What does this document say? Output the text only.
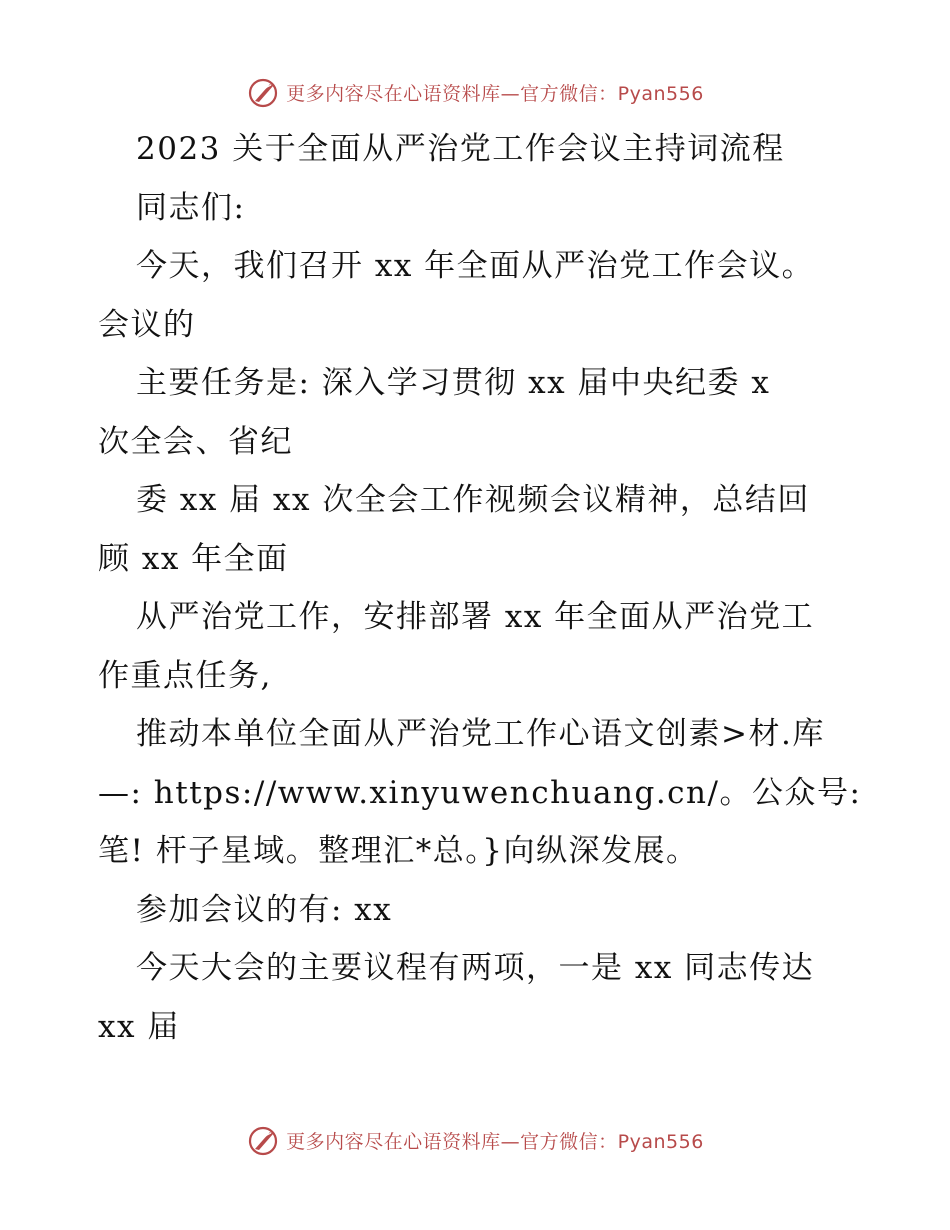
更多内容尽在心语资料库—官方微信：Pyan556
2023 关于全面从严治党工作会议主持词流程
同志们:
今天，我们召开 xx 年全面从严治党工作会议。
会议的
主要任务是: 深入学习贯彻 xx 届中央纪委 x
次全会、省纪
委 xx 届 xx 次全会工作视频会议精神，总结回
顾 xx 年全面
从严治党工作，安排部署 xx 年全面从严治党工
作重点任务,
推动本单位全面从严治党工作心语文创素>材.库
—: https://www.xinyuwenchuang.cn/。公众号:
笔! 杆子星域。整理汇*总。}向纵深发展。
参加会议的有: xx
今天大会的主要议程有两项，一是 xx 同志传达
xx 届
更多内容尽在心语资料库—官方微信：Pyan556
